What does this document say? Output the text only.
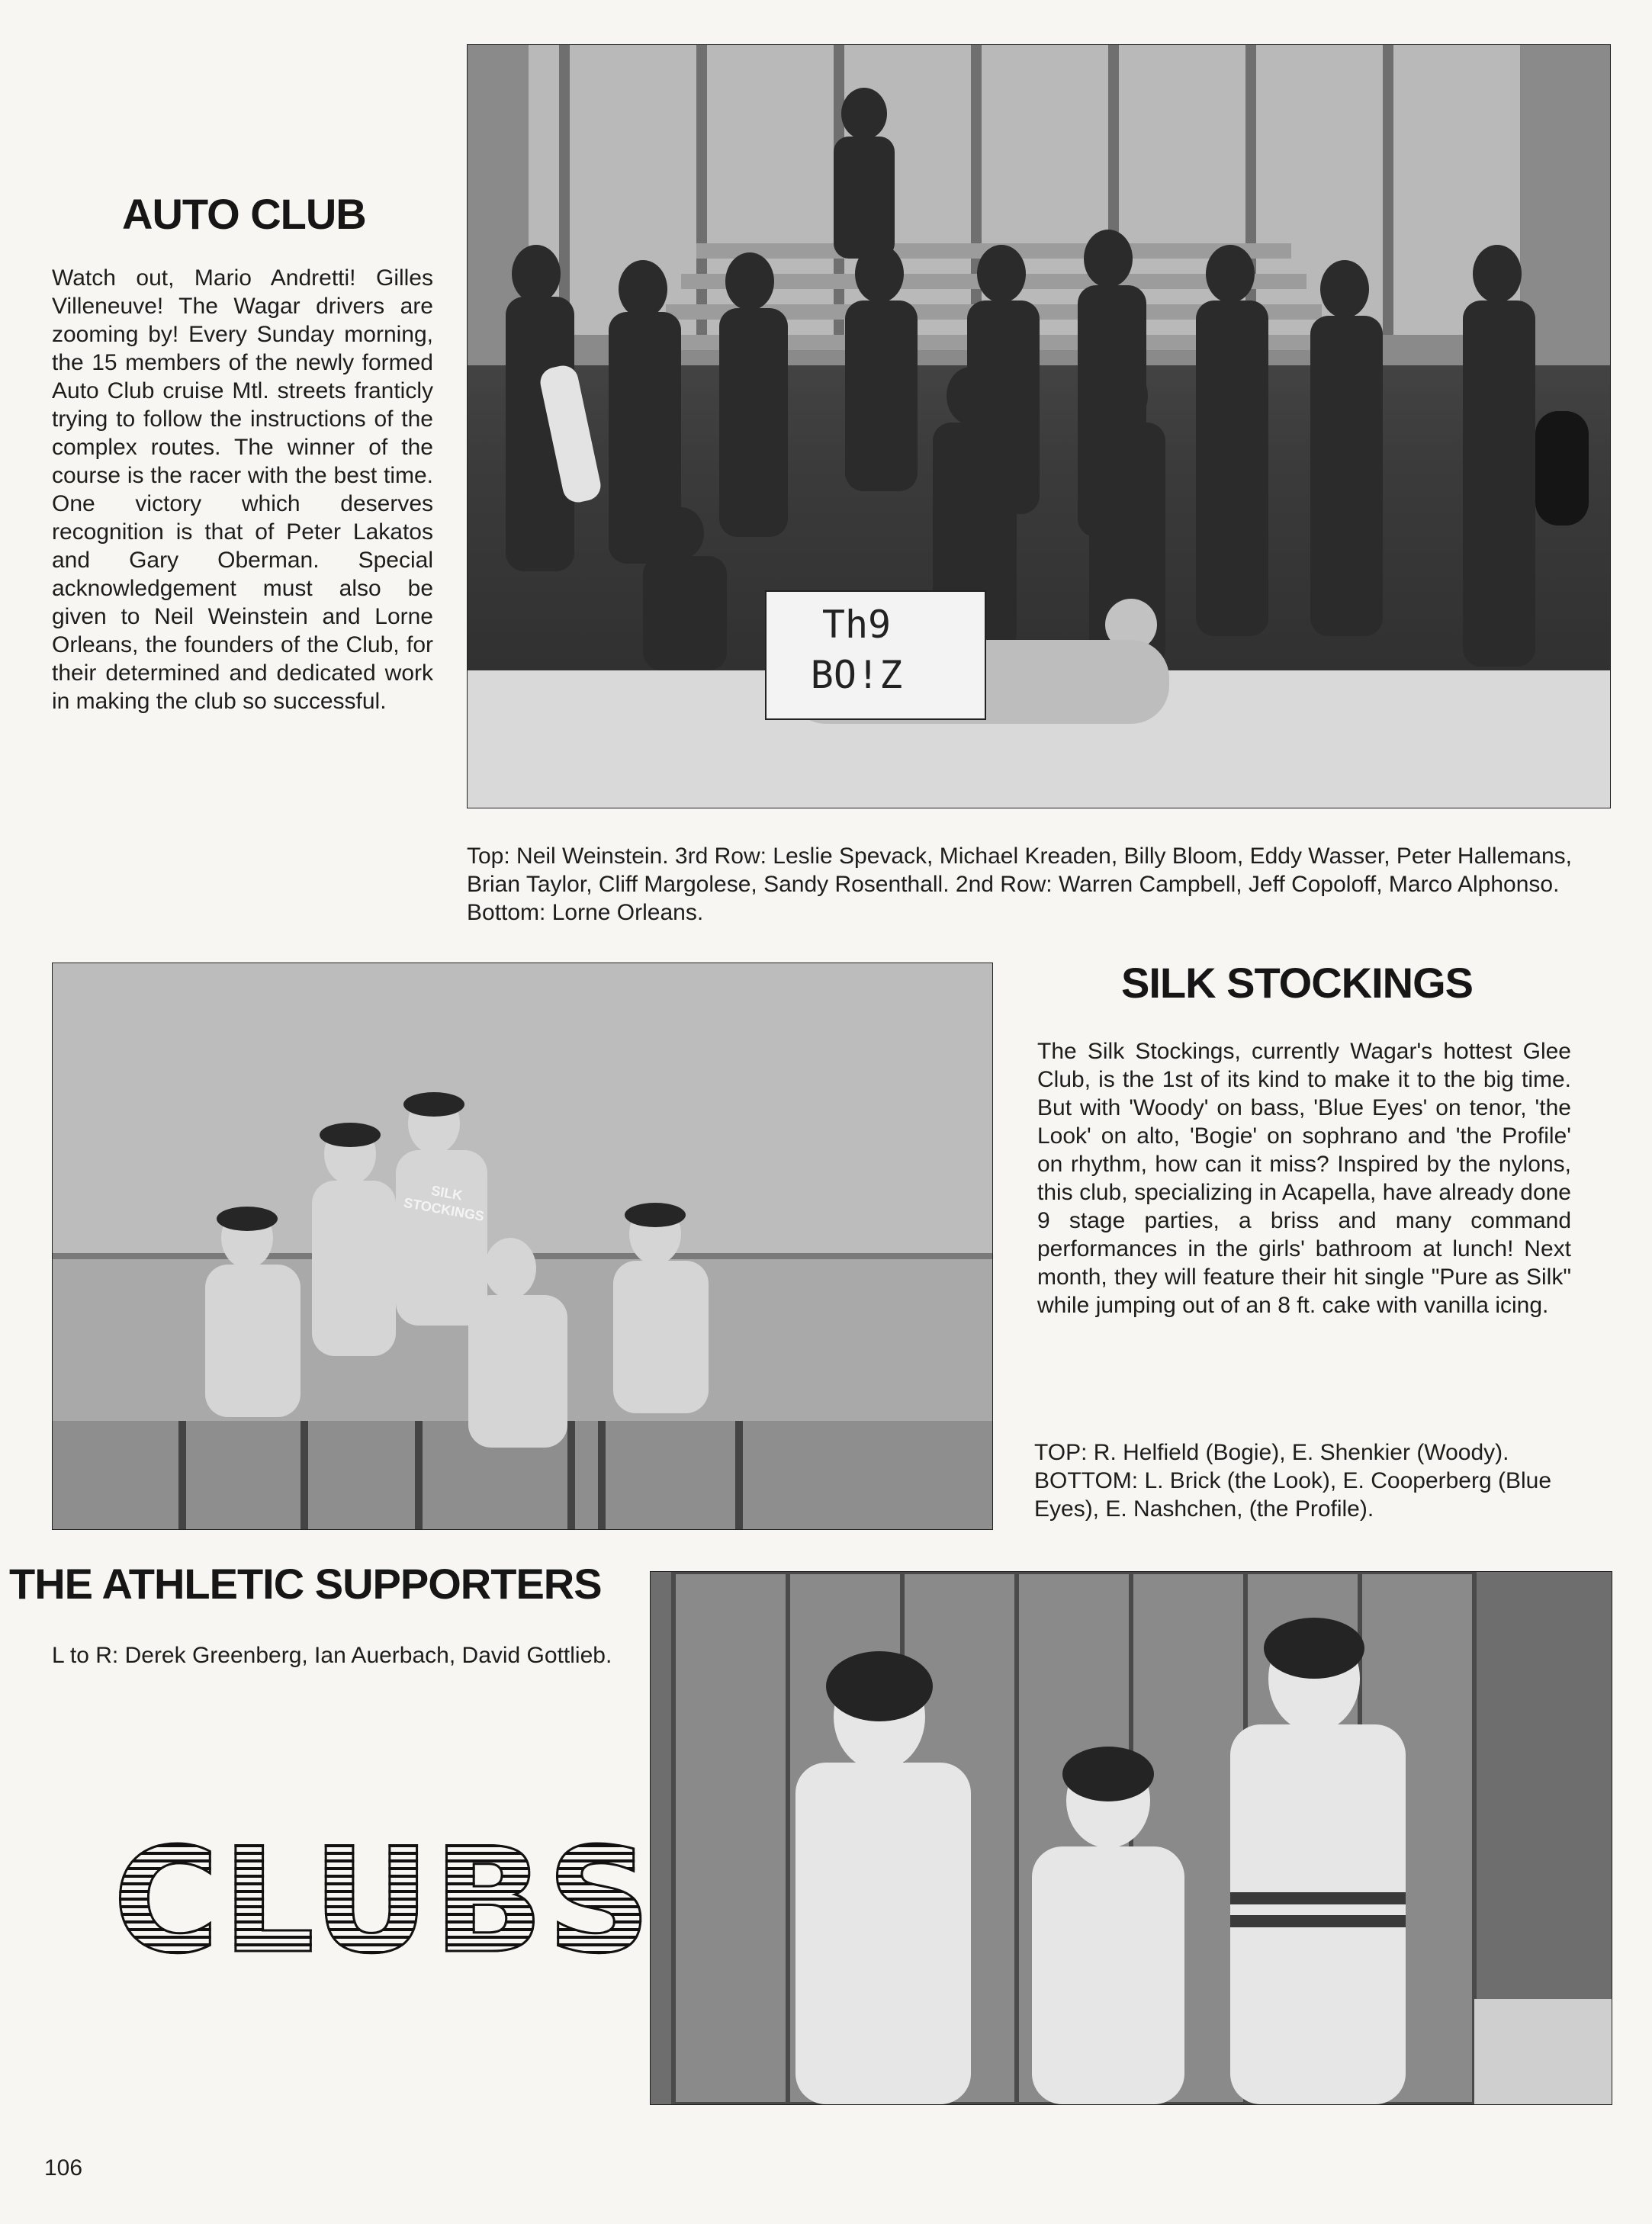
AUTO CLUB
Watch out, Mario Andretti! Gilles Villeneuve! The Wagar drivers are zooming by! Every Sunday morning, the 15 members of the newly formed Auto Club cruise Mtl. streets franticly trying to follow the instructions of the complex routes. The winner of the course is the racer with the best time. One victory which deserves recognition is that of Peter Lakatos and Gary Oberman. Special acknowledgement must also be given to Neil Weinstein and Lorne Orleans, the founders of the Club, for their determined and dedicated work in making the club so successful.
Th9 BO!Z
Top: Neil Weinstein. 3rd Row: Leslie Spevack, Michael Kreaden, Billy Bloom, Eddy Wasser, Peter Hallemans, Brian Taylor, Cliff Margolese, Sandy Rosenthall. 2nd Row: Warren Campbell, Jeff Copoloff, Marco Alphonso. Bottom: Lorne Orleans.
SILK STOCKINGS
SILK STOCKINGS
The Silk Stockings, currently Wagar's hottest Glee Club, is the 1st of its kind to make it to the big time. But with 'Woody' on bass, 'Blue Eyes' on tenor, 'the Look' on alto, 'Bogie' on sophrano and 'the Profile' on rhythm, how can it miss? Inspired by the nylons, this club, specializing in Acapella, have already done 9 stage parties, a briss and many command performances in the girls' bathroom at lunch! Next month, they will feature their hit single "Pure as Silk" while jumping out of an 8 ft. cake with vanilla icing.
TOP: R. Helfield (Bogie), E. Shenkier (Woody). BOTTOM: L. Brick (the Look), E. Cooperberg (Blue Eyes), E. Nashchen, (the Profile).
THE ATHLETIC SUPPORTERS
L to R: Derek Greenberg, Ian Auerbach, David Gottlieb.
CLUBS
106
